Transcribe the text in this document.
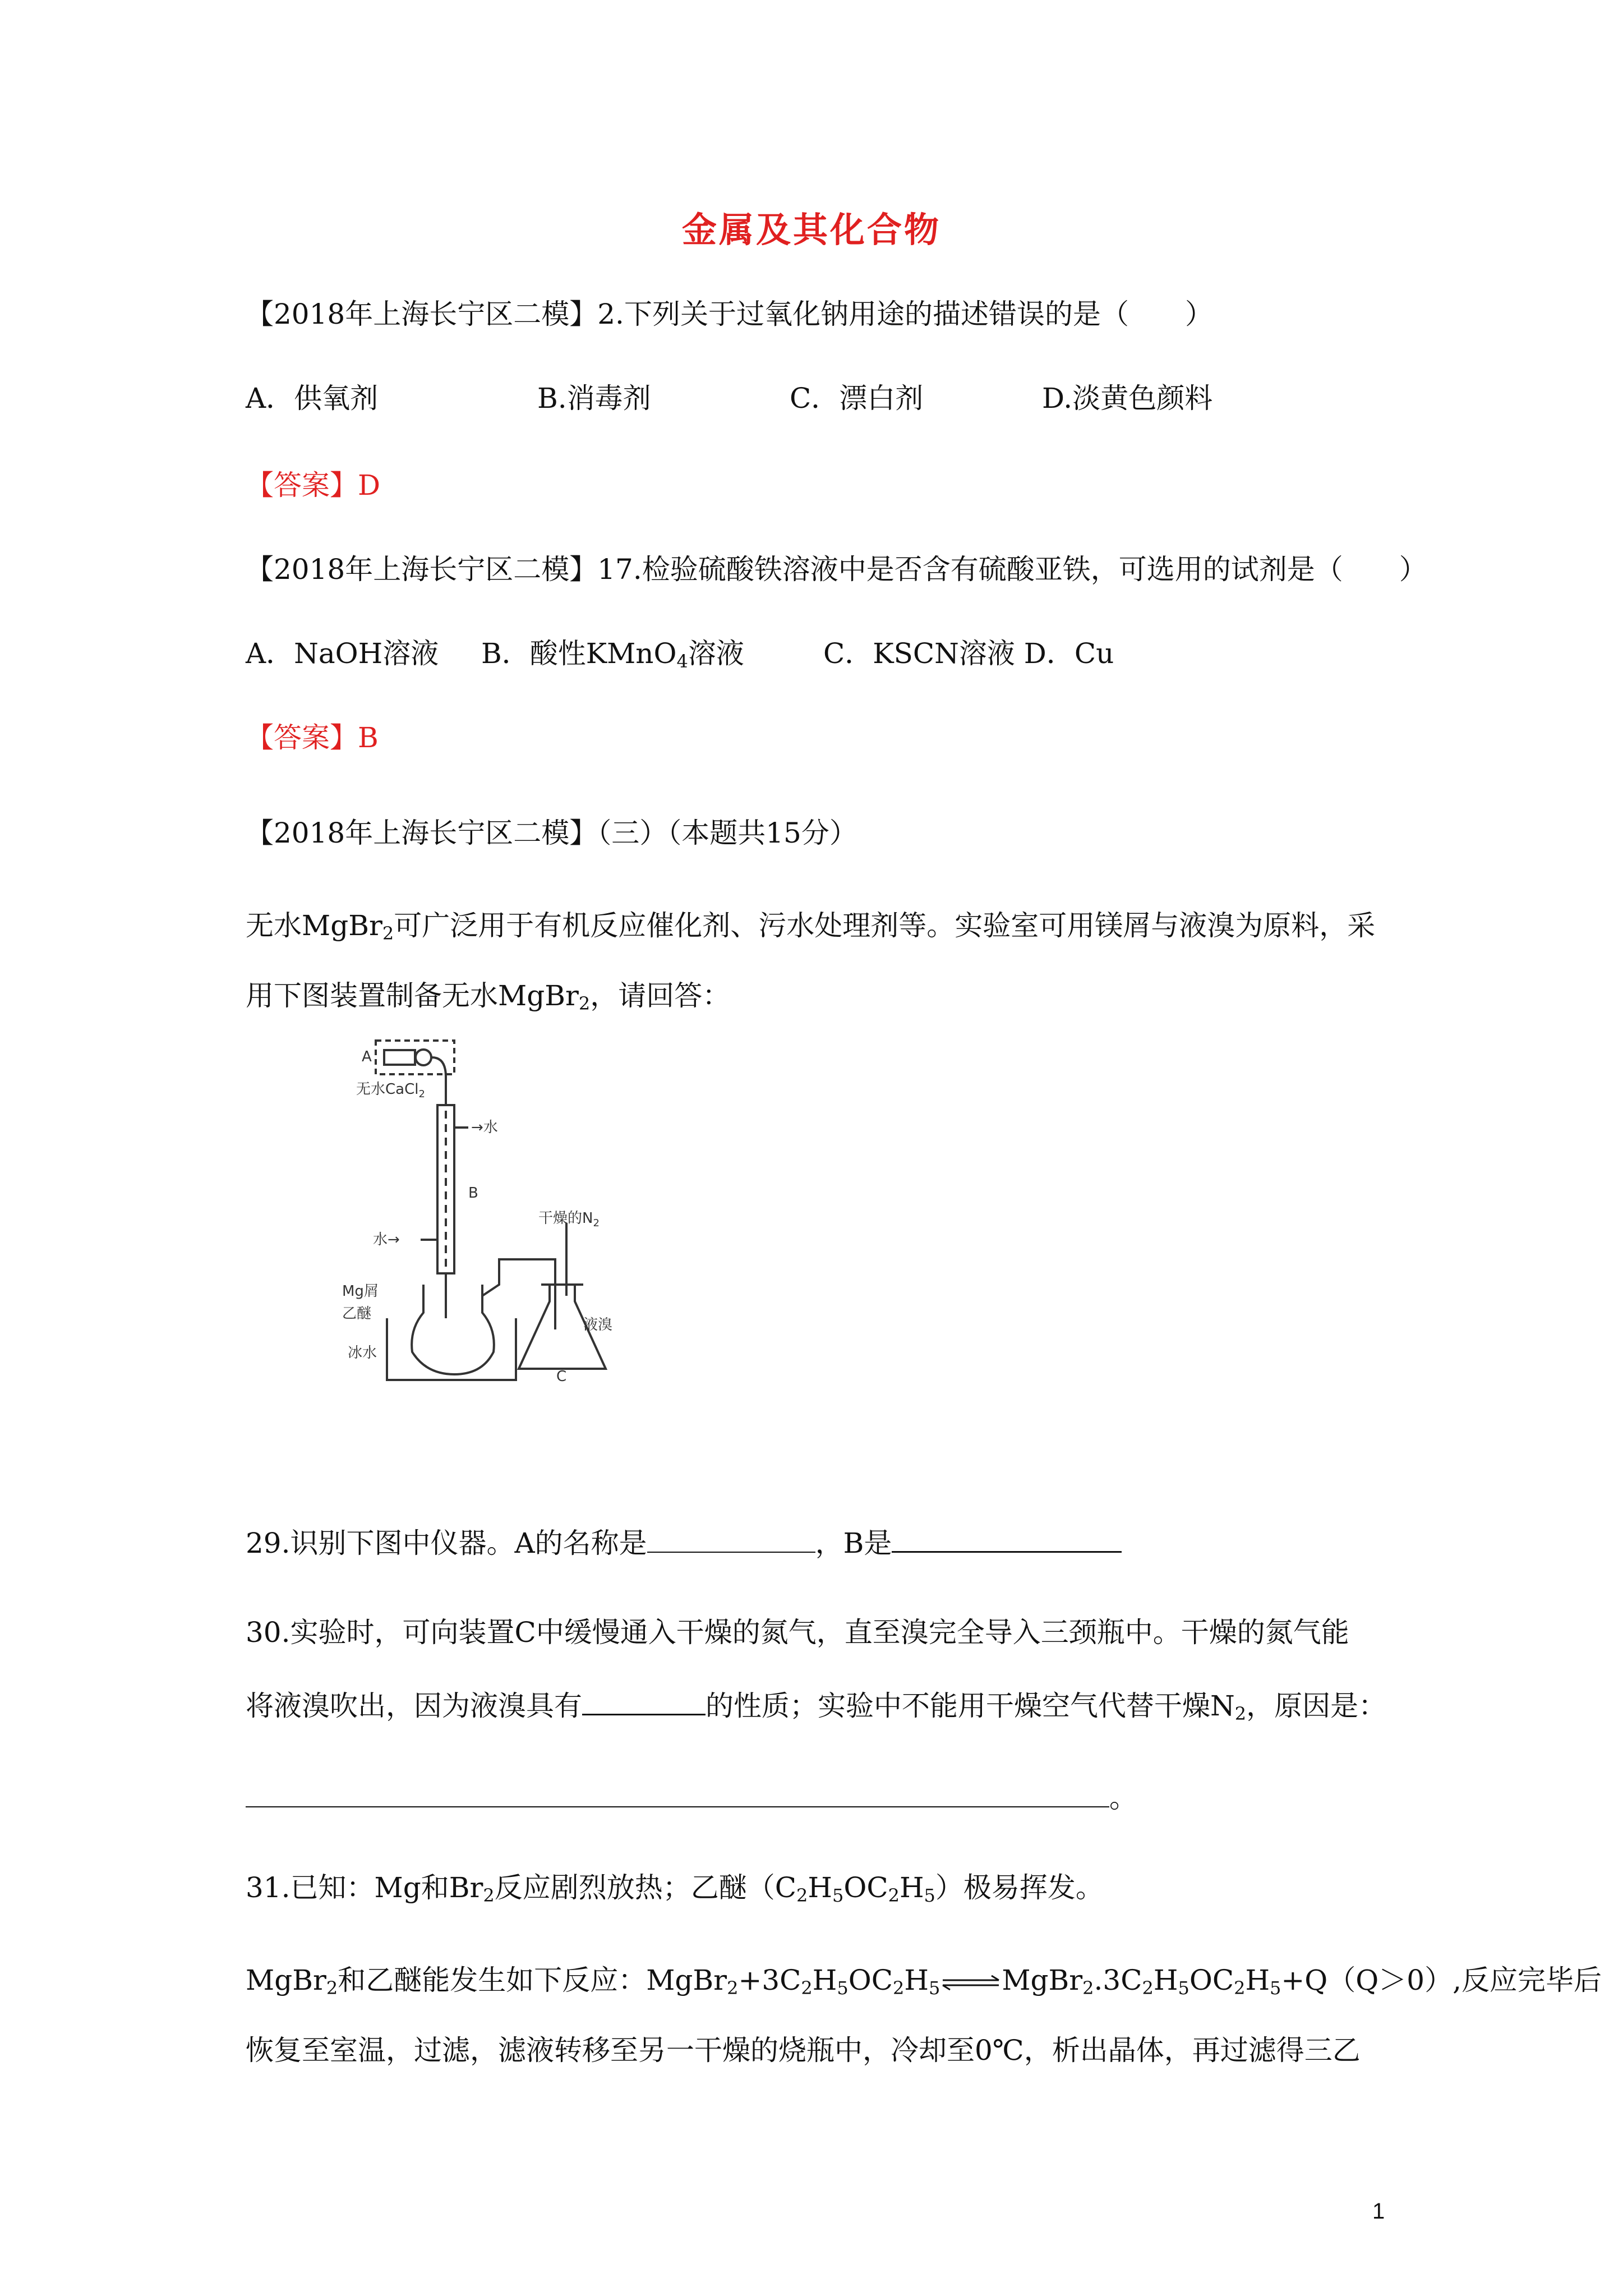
金属及其化合物
【2018年上海长宁区二模】2.下列关于过氧化钠用途的描述错误的是（　　）
A．供氧剂	B.消毒剂	C．漂白剂	D.淡黄色颜料
【答案】D
【2018年上海长宁区二模】17.检验硫酸铁溶液中是否含有硫酸亚铁，可选用的试剂是（　　）
A．NaOH溶液 B．酸性KMnO$_4$溶液	C．KSCN溶液 D．Cu
【答案】B
【2018年上海长宁区二模】（三）（本题共15分）
无水MgBr$_2$可广泛用于有机反应催化剂、污水处理剂等。实验室可用镁屑与液溴为原料，采
用下图装置制备无水MgBr$_2$，请回答：
A
无水CaCl$_2$
→水
B
水→
干燥的$N_2$
Mg屑
乙醚
液溴
冰水
C
29.识别下图中仪器。A的名称是	，B是
30.实验时，可向装置C中缓慢通入干燥的氮气，直至溴完全导入三颈瓶中。干燥的氮气能
将液溴吹出，因为液溴具有	的性质；实验中不能用干燥空气代替干燥$N_2$，原因是：
。
31.已知：Mg和$Br_2$反应剧烈放热；乙醚$(C_2H_5OC_2H_5)$极易挥发。
MgBr$_2$和乙醚能发生如下反应：$MgBr_2+3C_2H_5OC_2H_5\rightleftharpoons MgBr_2.3C_2H_5OC_2H_5+Q(Q>0)$,反应完毕后
恢复至室温，过滤，滤液转移至另一干燥的烧瓶中，冷却至0℃，析出晶体，再过滤得三乙
1
